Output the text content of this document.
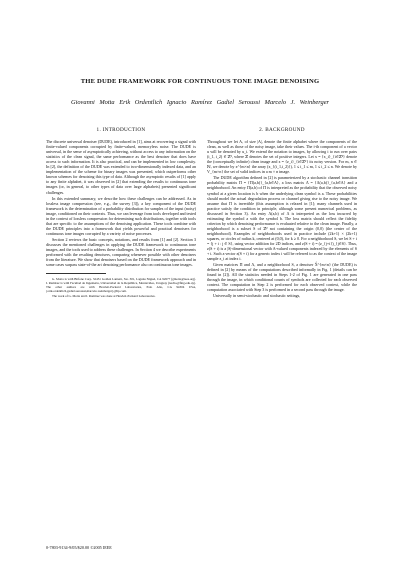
THE DUDE FRAMEWORK FOR CONTINUOUS TONE IMAGE DENOISING
Giovanni Motta Erik Ordentlich Ignacio Ramírez Gadiel Seroussi Marcelo J. Weinberger
1. INTRODUCTION

The discrete universal denoiser (DUDE), introduced in [1], aims at recovering a signal with finite-valued components corrupted by finite-valued, memoryless noise. The DUDE is universal, in the sense of asymptotically achieving, without access to any information on the statistics of the clean signal, the same performance as the best denoiser that does have access to such information. It is also practical, and can be implemented in low complexity. In [2], the definition of the DUDE was extended to two-dimensionally indexed data, and an implementation of the scheme for binary images was presented, which outperforms other known schemes for denoising this type of data. Although the asymptotic results of [1] apply to any finite alphabet, it was observed in [2] that extending the results to continuous tone images (or, in general, to other types of data over large alphabets) presented significant challenges.

In this extended summary, we describe how these challenges can be addressed. As in lossless image compression (see, e.g., the survey [3]), a key component of the DUDE framework is the determination of a probability distribution for samples of the input (noisy) image, conditioned on their contexts. Thus, we can leverage from tools developed and tested in the context of lossless compression for determining such distributions, together with tools that are specific to the assumptions of the denoising application. These tools combine with the DUDE principles into a framework that yields powerful and practical denoisers for continuous tone images corrupted by a variety of noise processes.

Section 2 reviews the basic concepts, notations, and results from [1] and [2]. Section 3 discusses the mentioned challenges in applying the DUDE framework to continuous tone images, and the tools used to address these challenges. In Section 4 we describe experiments performed with the resulting denoisers, comparing whenever possible with other denoisers from the literature. We show that denoisers based on the DUDE framework approach and in some cases surpass state-of-the art denoising performance also on continuous tone images.

G. Motta is with Bitfone Corp. 32451 Golden Lantern, Ste. 301, Laguna Niguel, CA 92677 (gmotta@ieee.org). I. Ramírez is with Facultad de Ingeniería, Universidad de la República, Montevideo, Uruguay (nacho@fing.edu.uy). The other authors are with Hewlett-Packard Laboratories, Palo Alto, CA 94304 USA, {erik.ordentlich,gadiel.seroussi,marcelo.weinberger}@hp.com.

The work of G. Motta and I. Ramírez was done at Hewlett-Packard Laboratories.

2. BACKGROUND

Throughout we let A, of size |A|, denote the finite alphabet where the components of the clean, as well as those of the noisy image, take their values. The i-th component of a vector u will be denoted by u_i. We extend the notation to images, by allowing i to run over pairs (i_1, i_2) ∈ ℤ², where ℤ denotes the set of positive integers. Let x = {x_i}_{i∈ℤ²} denote the (conceptually infinite) clean image and z = {z_i}_{i∈ℤ²} its noisy version. For m, n ∈ ℕ, we denote by x^{m×n} the array (x_{(i_1,i_2)}), 1 ≤ i_1 ≤ m, 1 ≤ i_2 ≤ n. We denote by V_{m×n} the set of valid indices in a m × n image.

The DUDE algorithm defined in [2] is parameterized by a stochastic channel transition probability matrix Π = {Π(a,b)}_{a,b∈A}, a loss matrix Λ = {Λ(a,b)}_{a,b∈A} and a neighborhood. An entry Π(a,b) of Π is interpreted as the probability that the observed noisy symbol at a given location is b when the underlying clean symbol is a. These probabilities should model the actual degradation process or channel giving rise to the noisy image. We assume that Π is invertible (this assumption is relaxed in [1]; many channels used in practice satisfy the condition in principle, although some present numerical problems, as discussed in Section 3). An entry Λ(a,b) of Λ is interpreted as the loss incurred by estimating the symbol a with the symbol b. The loss matrix should reflect the fidelity criterion by which denoising performance is evaluated relative to the clean image. Finally, a neighborhood is a subset S of ℤ² not containing the origin (0,0) (the center of the neighborhood). Examples of neighborhoods used in practice include (2k+1) × (2k+1) squares, or circles of radius k, centered at (0,0), for k ≥ 0. For a neighborhood S, we let S + i = {j + i : j ∈ S}, using vector addition for 2D indices, and z(S + i) = (z_{j+i})_{j∈S}. Thus, z(S + i) is a |S|-dimensional vector with A-valued components indexed by the elements of S + i. Such a vector z(S + i) for a generic index i will be referred to as the context of the image sample z_i at index i.

Given matrices Π and Λ, and a neighborhood S, a denoiser X̂^{m×n} (the DUDE) is defined in [2] by means of the computations described informally in Fig. 1 (details can be found in [2]). All the statistics needed in Steps 1-2 of Fig. 1 are generated in one pass through the image, in which conditional counts of symbols are collected for each observed context. The computation in Step 2 is performed for each observed context, while the computation associated with Step 3 is performed in a second pass through the image.

Universally in semi-stochastic and stochastic settings,

0-7803-9134-9/05/$20.00 ©2005 IEEE
